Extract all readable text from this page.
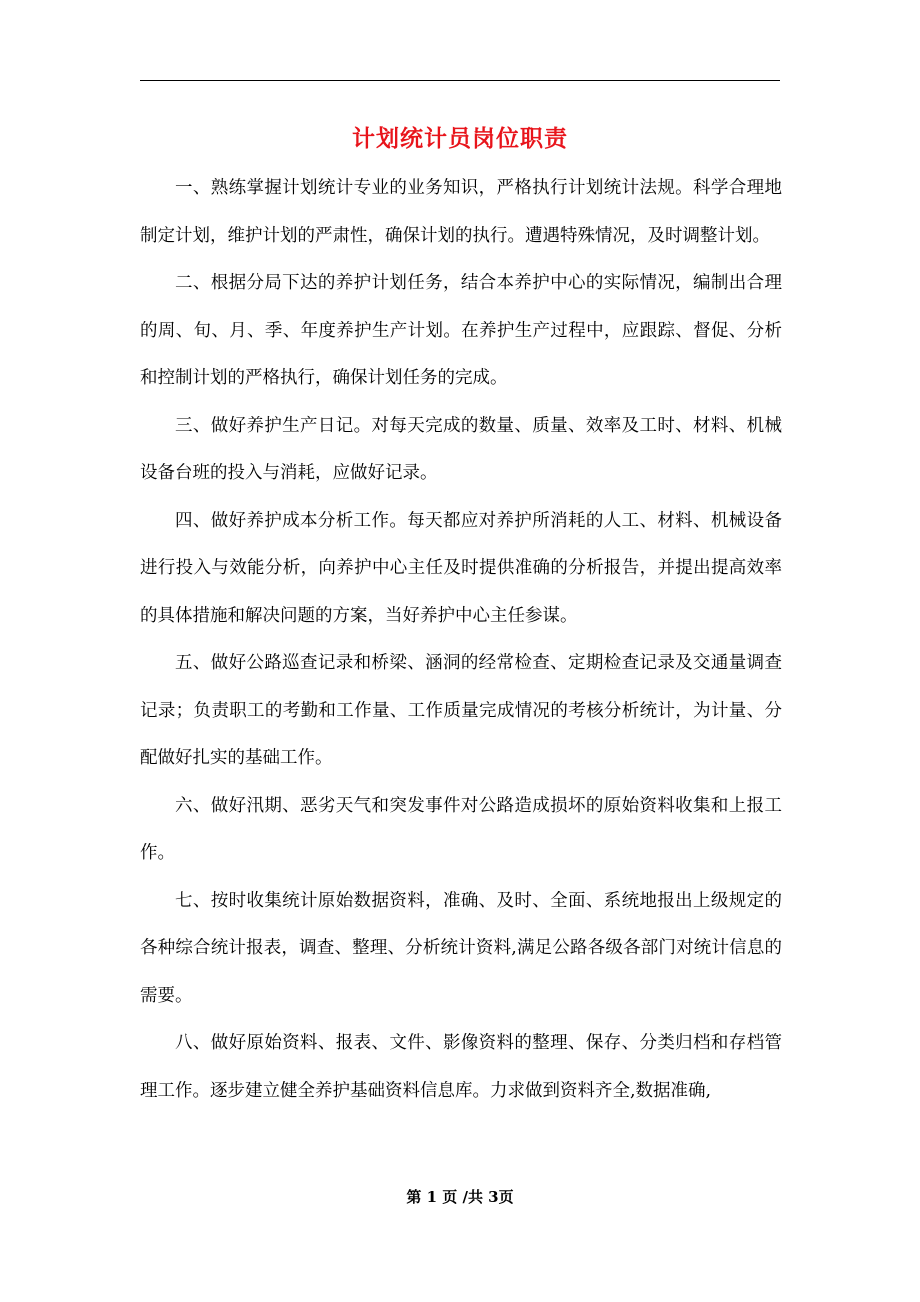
计划统计员岗位职责

一、熟练掌握计划统计专业的业务知识，严格执行计划统计法规。科学合理地制定计划，维护计划的严肃性，确保计划的执行。遭遇特殊情况，及时调整计划。

二、根据分局下达的养护计划任务，结合本养护中心的实际情况，编制出合理的周、旬、月、季、年度养护生产计划。在养护生产过程中，应跟踪、督促、分析和控制计划的严格执行，确保计划任务的完成。

三、做好养护生产日记。对每天完成的数量、质量、效率及工时、材料、机械设备台班的投入与消耗，应做好记录。

四、做好养护成本分析工作。每天都应对养护所消耗的人工、材料、机械设备进行投入与效能分析，向养护中心主任及时提供准确的分析报告，并提出提高效率的具体措施和解决问题的方案，当好养护中心主任参谋。

五、做好公路巡查记录和桥梁、涵洞的经常检查、定期检查记录及交通量调查记录；负责职工的考勤和工作量、工作质量完成情况的考核分析统计，为计量、分配做好扎实的基础工作。

六、做好汛期、恶劣天气和突发事件对公路造成损坏的原始资料收集和上报工作。

七、按时收集统计原始数据资料，准确、及时、全面、系统地报出上级规定的各种综合统计报表，调查、整理、分析统计资料,满足公路各级各部门对统计信息的需要。

八、做好原始资料、报表、文件、影像资料的整理、保存、分类归档和存档管理工作。逐步建立健全养护基础资料信息库。力求做到资料齐全,数据准确,

第 1 页 /共 3页
